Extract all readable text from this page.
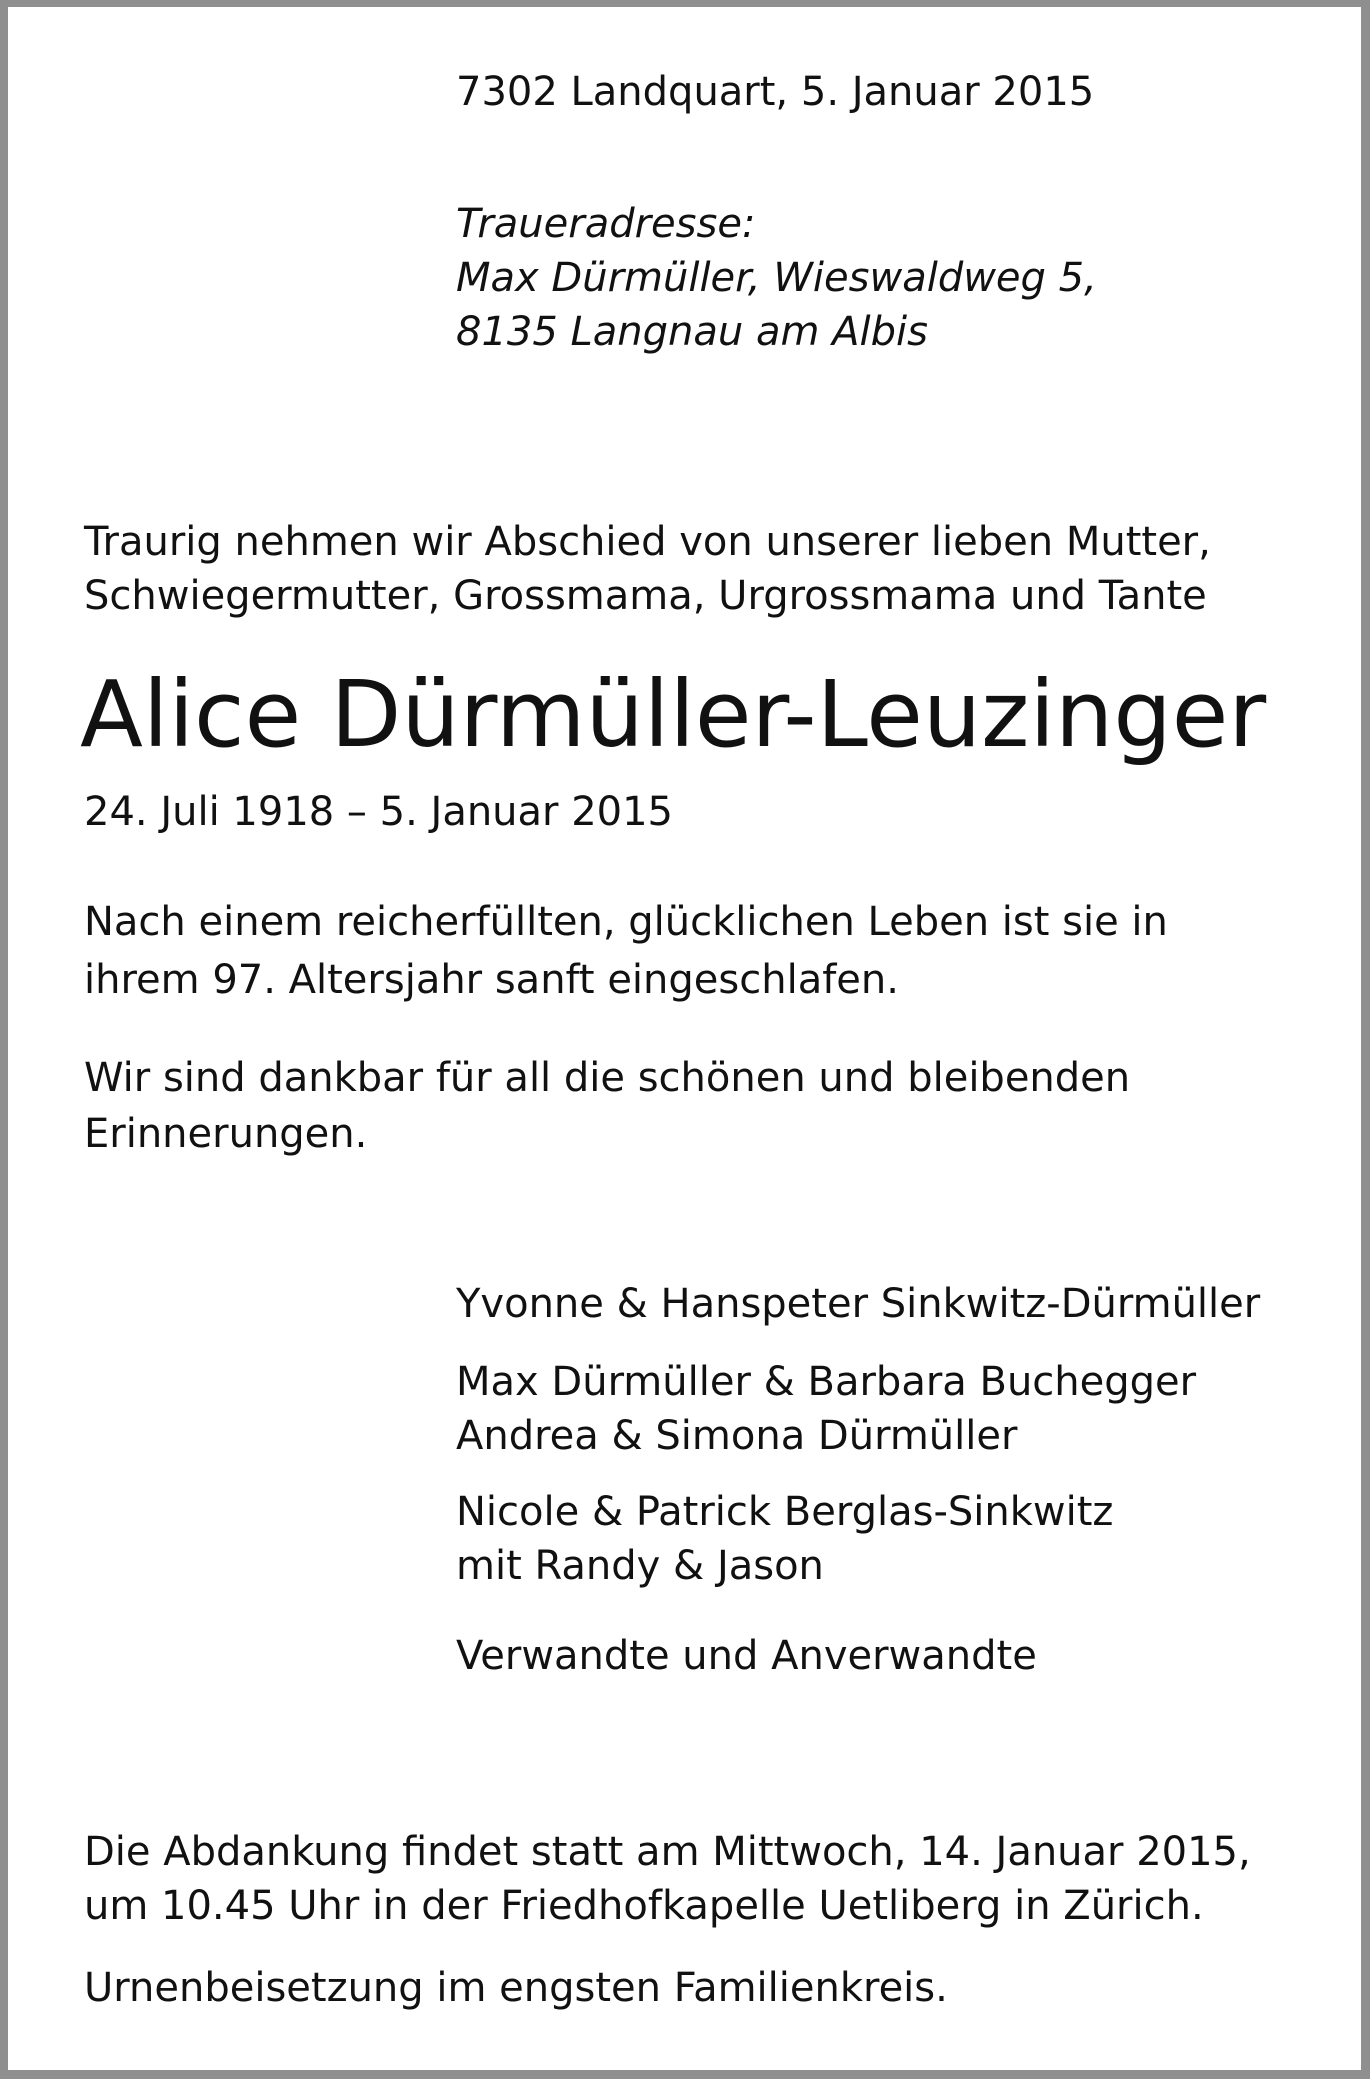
7302 Landquart, 5. Januar 2015
Traueradresse:
Max Dürmüller, Wieswaldweg 5,
8135 Langnau am Albis
Traurig nehmen wir Abschied von unserer lieben Mutter,
Schwiegermutter, Grossmama, Urgrossmama und Tante
Alice Dürmüller-Leuzinger
24. Juli 1918 – 5. Januar 2015
Nach einem reicherfüllten, glücklichen Leben ist sie in
ihrem 97. Altersjahr sanft eingeschlafen.
Wir sind dankbar für all die schönen und bleibenden
Erinnerungen.
Yvonne & Hanspeter Sinkwitz-Dürmüller
Max Dürmüller & Barbara Buchegger
Andrea & Simona Dürmüller
Nicole & Patrick Berglas-Sinkwitz
mit Randy & Jason
Verwandte und Anverwandte
Die Abdankung findet statt am Mittwoch, 14. Januar 2015,
um 10.45 Uhr in der Friedhofkapelle Uetliberg in Zürich.
Urnenbeisetzung im engsten Familienkreis.
